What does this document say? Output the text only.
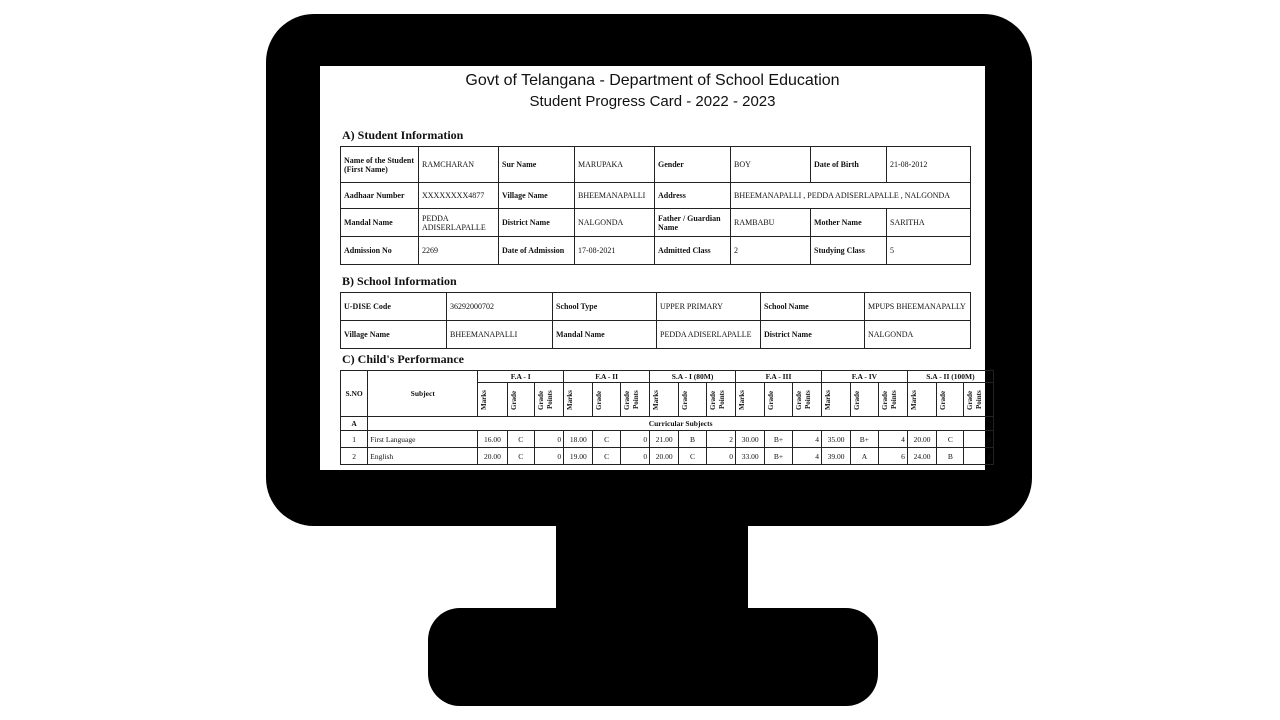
Govt of Telangana - Department of School Education
Student Progress Card - 2022 - 2023
A) Student Information
Name of the Student (First Name)	RAMCHARAN	Sur Name	MARUPAKA	Gender	BOY	Date of Birth	21-08-2012
Aadhaar Number	XXXXXXXX4877	Village Name	BHEEMANAPALLI	Address	BHEEMANAPALLI , PEDDA ADISERLAPALLE , NALGONDA		
Mandal Name	PEDDA ADISERLAPALLE	District Name	NALGONDA	Father / Guardian Name	RAMBABU	Mother Name	SARITHA
Admission No	2269	Date of Admission	17-08-2021	Admitted Class	2	Studying Class	5
B) School Information
U-DISE Code	36292000702	School Type	UPPER PRIMARY	School Name	MPUPS BHEEMANAPALLY
Village Name	BHEEMANAPALLI	Mandal Name	PEDDA ADISERLAPALLE	District Name	NALGONDA
C) Child's Performance
S.NO	Subject	F.A - I			F.A - II			S.A - I (80M)			F.A - III			F.A - IV			S.A - II (100M)		

		Marks	Grade	Grade Points	Marks	Grade	Grade Points	Marks	Grade	Grade Points	Marks	Grade	Grade Points	Marks	Grade	Grade Points	Marks	Grade	Grade Points

A	Curricular Subjects																		
1	First Language	16.00	C	0	18.00	C	0	21.00	B	2	30.00	B+	4	35.00	B+	4	20.00	C	0
2	English	20.00	C	0	19.00	C	0	20.00	C	0	33.00	B+	4	39.00	A	6	24.00	B	2
